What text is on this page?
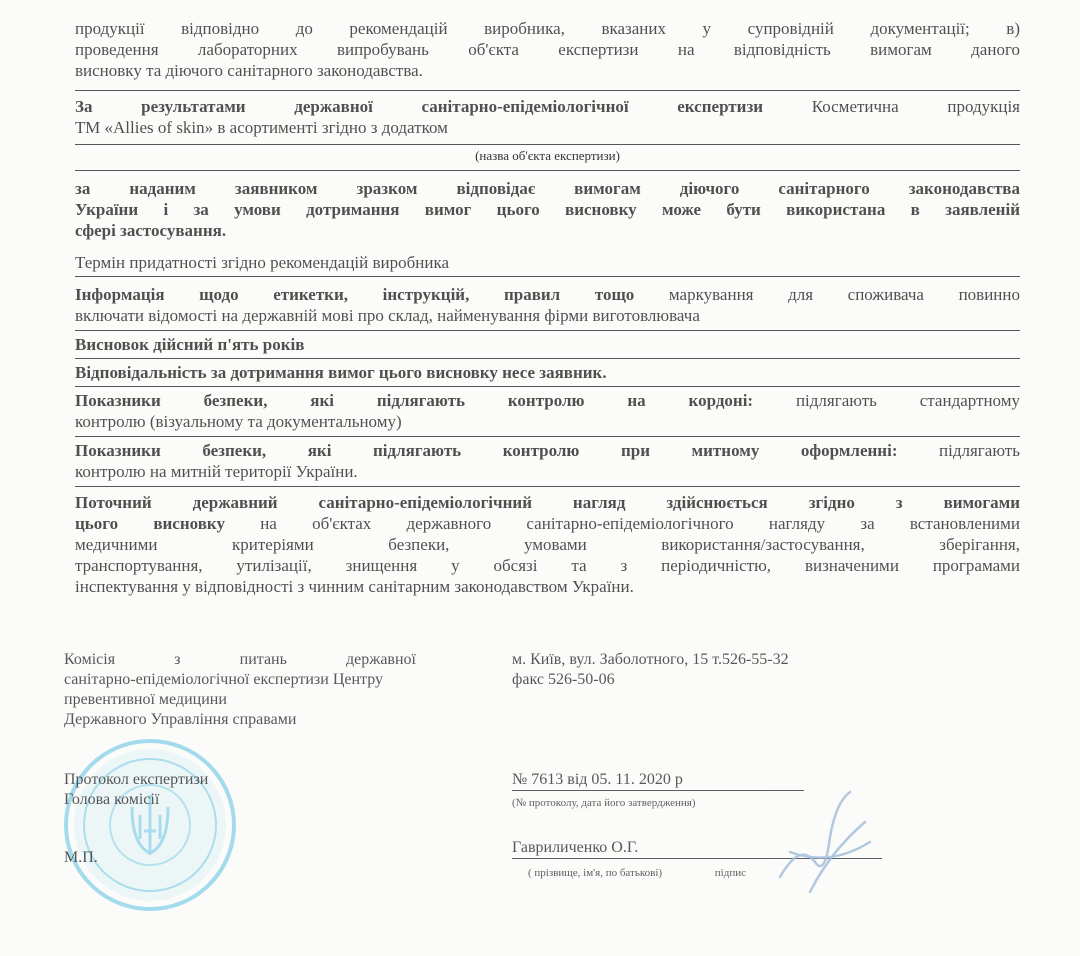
продукції відповідно до рекомендацій виробника, вказаних у супровідній документації; в)
проведення лабораторних випробувань об'єкта експертизи на відповідність вимогам даного

висновку та діючого санітарного законодавства.
За результатами державної санітарно-епідеміологічної експертизи Косметична продукція
ТМ «Allies of skin» в асортименті згідно з додатком
(назва об'єкта експертизи)
за наданим заявником зразком відповідає вимогам діючого санітарного законодавства
України і за умови дотримання вимог цього висновку може бути використана в заявленій
сфері застосування.
Термін придатності згідно рекомендацій виробника
Інформація щодо етикетки, інструкцій, правил тощо маркування для споживача повинно
включати відомості на державній мові про склад, найменування фірми виготовлювача
Висновок дійсний п'ять років
Відповідальність за дотримання вимог цього висновку несе заявник.
Показники безпеки, які підлягають контролю на кордоні: підлягають стандартному
контролю (візуальному та документальному)
Показники безпеки, які підлягають контролю при митному оформленні: підлягають
контролю на митній території України.
Поточний державний санітарно-епідеміологічний нагляд здійснюється згідно з вимогами
цього висновку на об'єктах державного санітарно-епідеміологічного нагляду за встановленими
медичними критеріями безпеки, умовами використання/застосування, зберігання,
транспортування, утилізації, знищення у обсязі та з періодичністю, визначеними програмами
інспектування у відповідності з чинним санітарним законодавством України.
Комісія з питань державної
санітарно-епідеміологічної експертизи Центру
превентивної медицини
Державного Управління справами
м. Київ, вул. Заболотного, 15 т.526-55-32
факс 526-50-06
Протокол експертизи
Голова комісії
М.П.
№ 7613 від 05. 11. 2020 р
(№ протоколу, дата його затвердження)
Гавриличенко О.Г.
( прізвище, ім'я, по батькові)	підпис
